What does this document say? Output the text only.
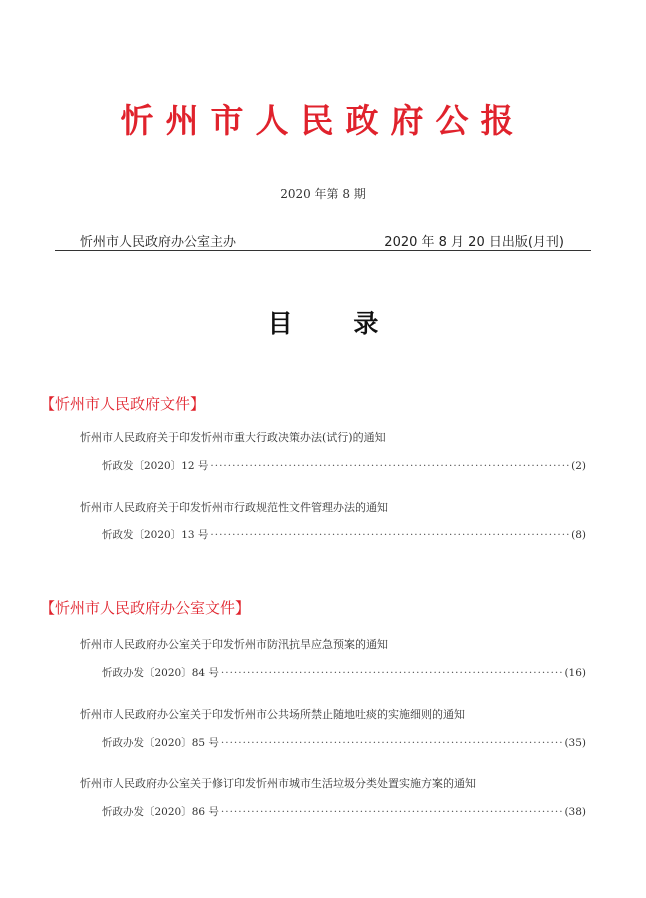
忻州市人民政府公报
2020 年第 8 期
忻州市人民政府办公室主办	2020 年 8 月 20 日出版(月刊)
目 录
【忻州市人民政府文件】
忻州市人民政府关于印发忻州市重大行政决策办法(试行)的通知
忻政发〔2020〕12 号 ·····	(2)
忻州市人民政府关于印发忻州市行政规范性文件管理办法的通知
忻政发〔2020〕13 号 ·····	(8)
【忻州市人民政府办公室文件】
忻州市人民政府办公室关于印发忻州市防汛抗旱应急预案的通知
忻政办发〔2020〕84 号 ·····	(16)
忻州市人民政府办公室关于印发忻州市公共场所禁止随地吐痰的实施细则的通知
忻政办发〔2020〕85 号 ·····	(35)
忻州市人民政府办公室关于修订印发忻州市城市生活垃圾分类处置实施方案的通知
忻政办发〔2020〕86 号 ·····	(38)
